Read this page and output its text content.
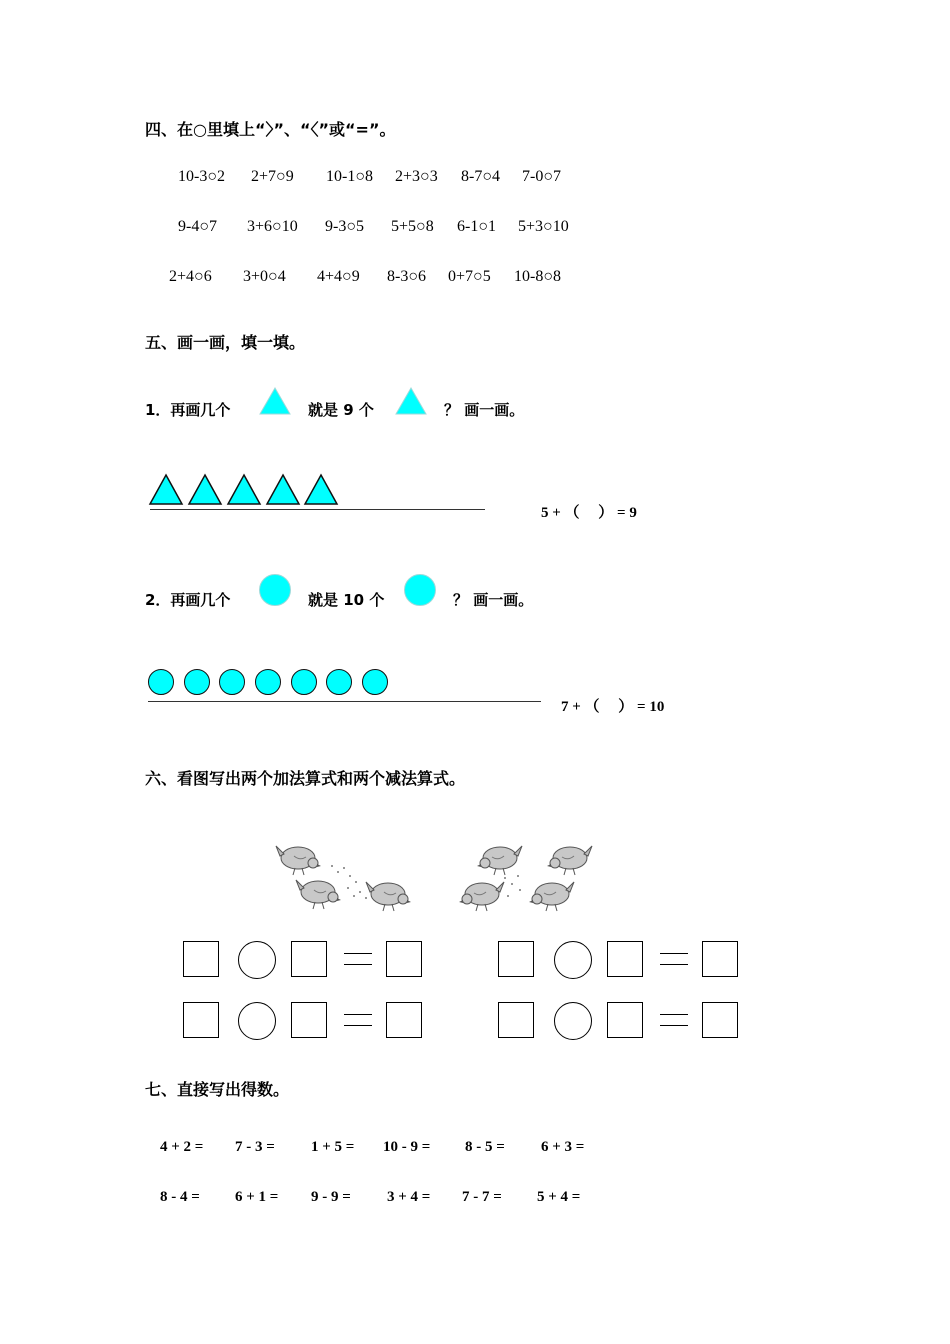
四、在○里填上“〉”、“〈”或“=”。
10-3○2 2+7○9 10-1○8 2+3○3 8-7○4 7-0○7
9-4○7 3+6○10 9-3○5 5+5○8 6-1○1 5+3○10
2+4○6 3+0○4 4+4○9 8-3○6 0+7○5 10-8○8
五、画一画，填一填。
1．再画几个	就是 9 个	？ 画一画。
5 + （　 ） = 9
2．再画几个	就是 10 个	？ 画一画。
7 + （　 ） = 10
六、看图写出两个加法算式和两个减法算式。
七、直接写出得数。
4 + 2 = 7 - 3 = 1 + 5 = 10 - 9 = 8 - 5 = 6 + 3 =
8 - 4 = 6 + 1 = 9 - 9 = 3 + 4 = 7 - 7 = 5 + 4 =
